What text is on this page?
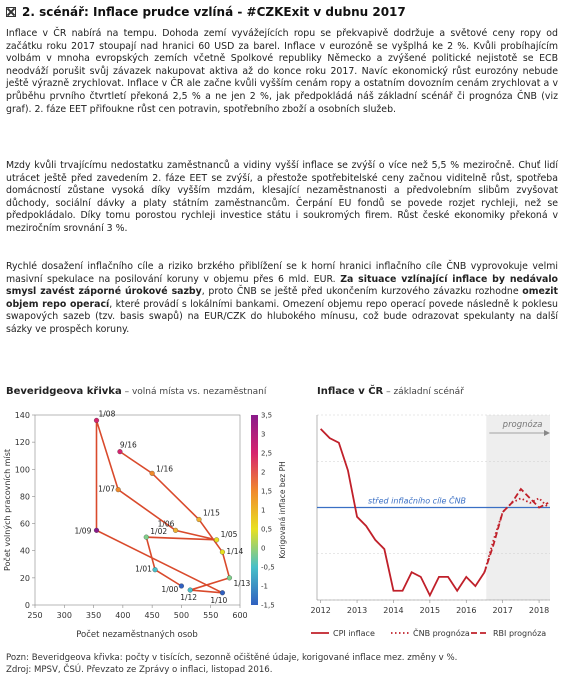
2. scénář: Inflace prudce vzlíná - #CZKExit v dubnu 2017
Inflace v ČR nabírá na tempu. Dohoda zemí vyvážejících ropu se překvapivě dodržuje a světové ceny ropy od začátku roku 2017 stoupají nad hranici 60 USD za barel. Inflace v eurozóně se vyšplhá ke 2 %. Kvůli probíhajícím volbám v mnoha evropských zemích včetně Spolkové republiky Německo a zvýšené politické nejistotě se ECB neodváží porušit svůj závazek nakupovat aktiva až do konce roku 2017. Navíc ekonomický růst eurozóny nebude ještě výrazně zrychlovat. Inflace v ČR ale začne kvůli vyšším cenám ropy a ostatním dovozním cenám zrychlovat a v průběhu prvního čtvrtletí překoná 2,5 % a ne jen 2 %, jak předpokládá náš základní scénář či prognóza ČNB (viz graf). 2. fáze EET přifoukne růst cen potravin, spotřebního zboží a osobních služeb.
Mzdy kvůli trvajícímu nedostatku zaměstnanců a vidiny vyšší inflace se zvýší o více než 5,5 % meziročně. Chuť lidí utrácet ještě před zavedením 2. fáze EET se zvýší, a přestože spotřebitelské ceny začnou viditelně růst, spotřeba domácností zůstane vysoká díky vyšším mzdám, klesající nezaměstnanosti a předvolebním slibům zvyšovat důchody, sociální dávky a platy státním zaměstnancům. Čerpání EU fondů se povede rozjet rychleji, než se předpokládalo. Díky tomu porostou rychleji investice státu i soukromých firem. Růst české ekonomiky překoná v meziročním srovnání 3 %.
Rychlé dosažení inflačního cíle a riziko brzkého přiblížení se k horní hranici inflačního cíle ČNB vyprovokuje velmi masivní spekulace na posilování koruny v objemu přes 6 mld. EUR. Za situace vzlínající inflace by nedávalo smysl zavést záporné úrokové sazby, proto ČNB se ještě před ukončením kurzového závazku rozhodne omezit objem repo operací, které provádí s lokálními bankami. Omezení objemu repo operací povede následně k poklesu swapových sazeb (tzv. basis swapů) na EUR/CZK do hlubokého mínusu, což bude odrazovat spekulanty na další sázky ve prospěch koruny.
Beveridgeova křivka – volná místa vs. nezaměstnaní	Inflace v ČR – základní scénář
1/08
9/16
1/16
1/07
1/09	1/02
1/06
1/15
1/05
1/14
1/01
1/00
1/12 1/10
1/13
250 300 350 400 450 500 550 600
0
20
40
60
80
100
120
140
Počet nezaměstnaných osob
Počet volných pracovních míst
3,5
3
2,5
2
1,5
1
0,5
0
-0,5
-1
-1,5
Korigovaná inflace bez PH	střed inflačního cíle ČNB
prognóza
2012 2013 2014 2015 2016 2017 2018
CPI inflace	ČNB prognóza	RBI prognóza
Pozn: Beveridgeova křivka: počty v tisících, sezonně očištěné údaje, korigované inflace mez. změny v %.
Zdroj: MPSV, ČSÚ. Převzato ze Zprávy o inflaci, listopad 2016.
